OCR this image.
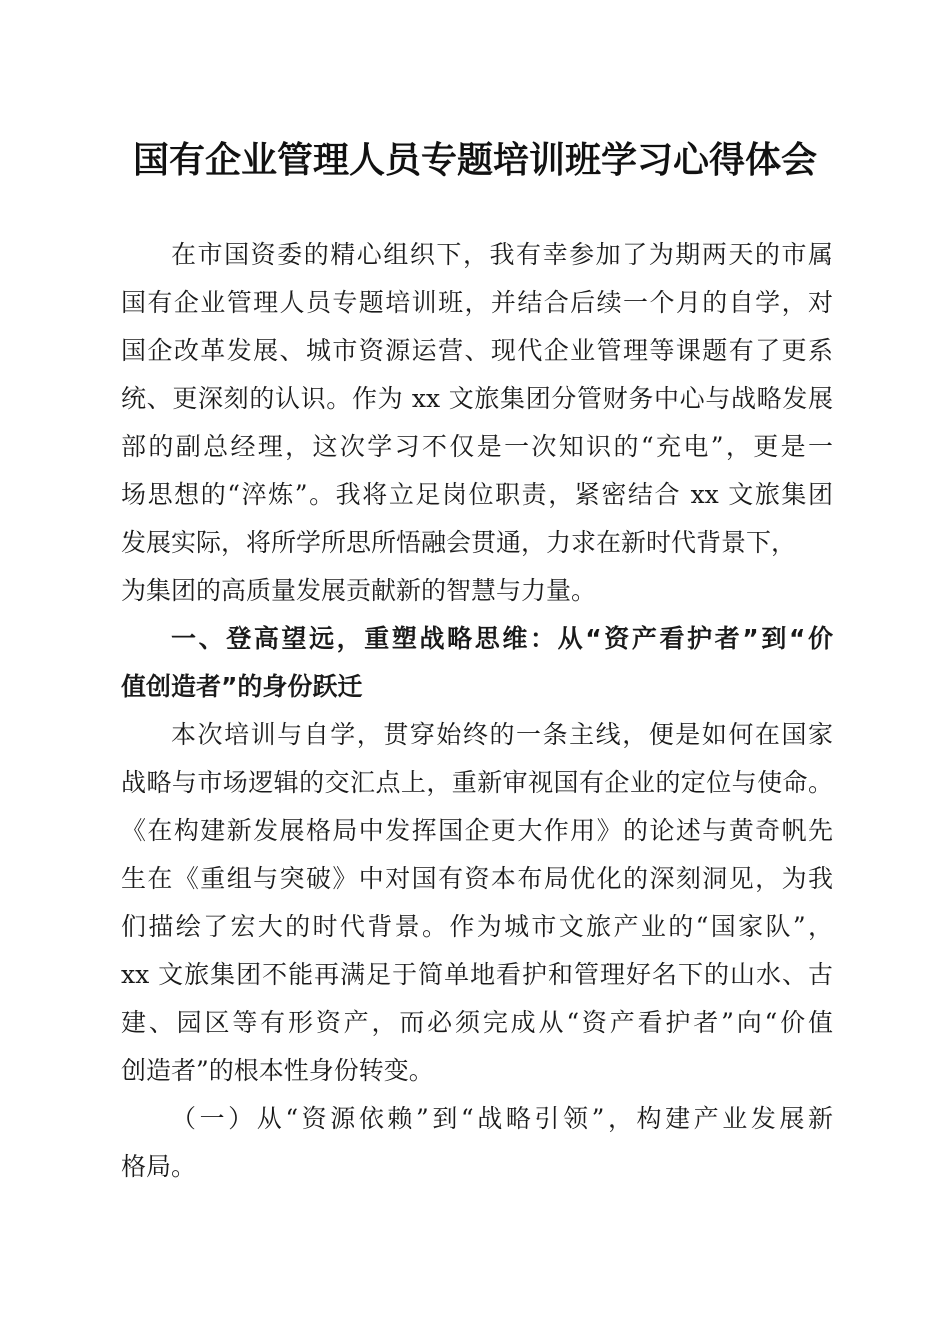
国有企业管理人员专题培训班学习心得体会

在市国资委的精心组织下，我有幸参加了为期两天的市属

国有企业管理人员专题培训班，并结合后续一个月的自学，对

国企改革发展、城市资源运营、现代企业管理等课题有了更系

统、更深刻的认识。作为 xx 文旅集团分管财务中心与战略发展

部的副总经理，这次学习不仅是一次知识的“充电”，更是一

场思想的“淬炼”。我将立足岗位职责，紧密结合 xx 文旅集团

发展实际，将所学所思所悟融会贯通，力求在新时代背景下，

为集团的高质量发展贡献新的智慧与力量。

一、登高望远，重塑战略思维：从“资产看护者”到“价

值创造者”的身份跃迁

本次培训与自学，贯穿始终的一条主线，便是如何在国家

战略与市场逻辑的交汇点上，重新审视国有企业的定位与使命。

《在构建新发展格局中发挥国企更大作用》的论述与黄奇帆先

生在《重组与突破》中对国有资本布局优化的深刻洞见，为我

们描绘了宏大的时代背景。作为城市文旅产业的“国家队”，

xx 文旅集团不能再满足于简单地看护和管理好名下的山水、古

建、园区等有形资产，而必须完成从“资产看护者”向“价值

创造者”的根本性身份转变。

（一）从“资源依赖”到“战略引领”，构建产业发展新

格局。
